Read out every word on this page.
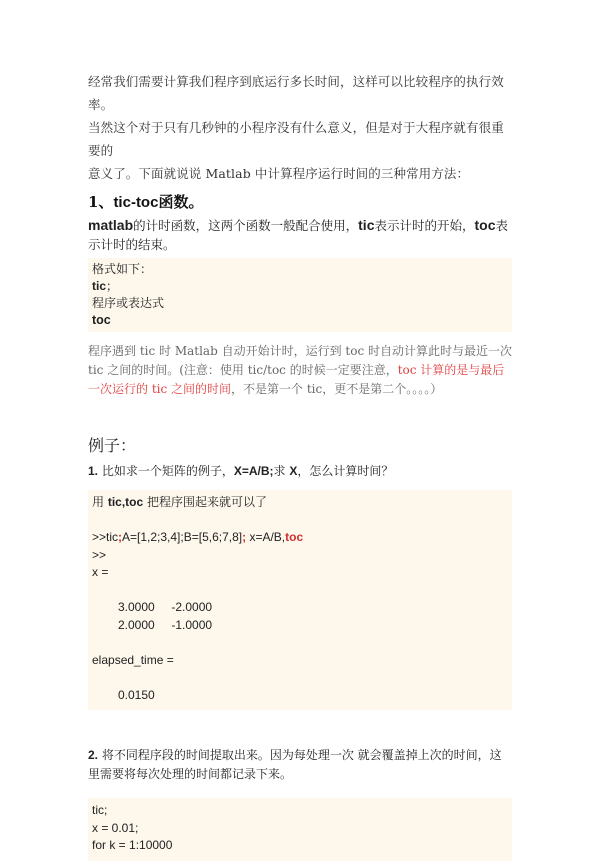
经常我们需要计算我们程序到底运行多长时间，这样可以比较程序的执行效率。

当然这个对于只有几秒钟的小程序没有什么意义，但是对于大程序就有很重要的

意义了。下面就说说 Matlab 中计算程序运行时间的三种常用方法：

1、tic-toc函数。

matlab的计时函数，这两个函数一般配合使用，tic表示计时的开始，toc表示计时的结束。

格式如下：
tic；
程序或表达式
toc

程序遇到 tic 时 Matlab 自动开始计时，运行到 toc 时自动计算此时与最近一次 tic 之间的时间。(注意：使用 tic/toc 的时候一定要注意，toc 计算的是与最后一次运行的 tic 之间的时间，不是第一个 tic，更不是第二个。。。。）

例子：

1. 比如求一个矩阵的例子，X=A/B;求 X，怎么计算时间？

用 tic,toc 把程序围起来就可以了
>>tic;A=[1,2;3,4];B=[5,6;7,8]; x=A/B,toc
>>
x =
3.0000     -2.0000
2.0000     -1.0000
elapsed_time =
0.0150

2. 将不同程序段的时间提取出来。因为每处理一次 就会覆盖掉上次的时间，这里需要将每次处理的时间都记录下来。

tic;
x = 0.01;
for k = 1:10000
